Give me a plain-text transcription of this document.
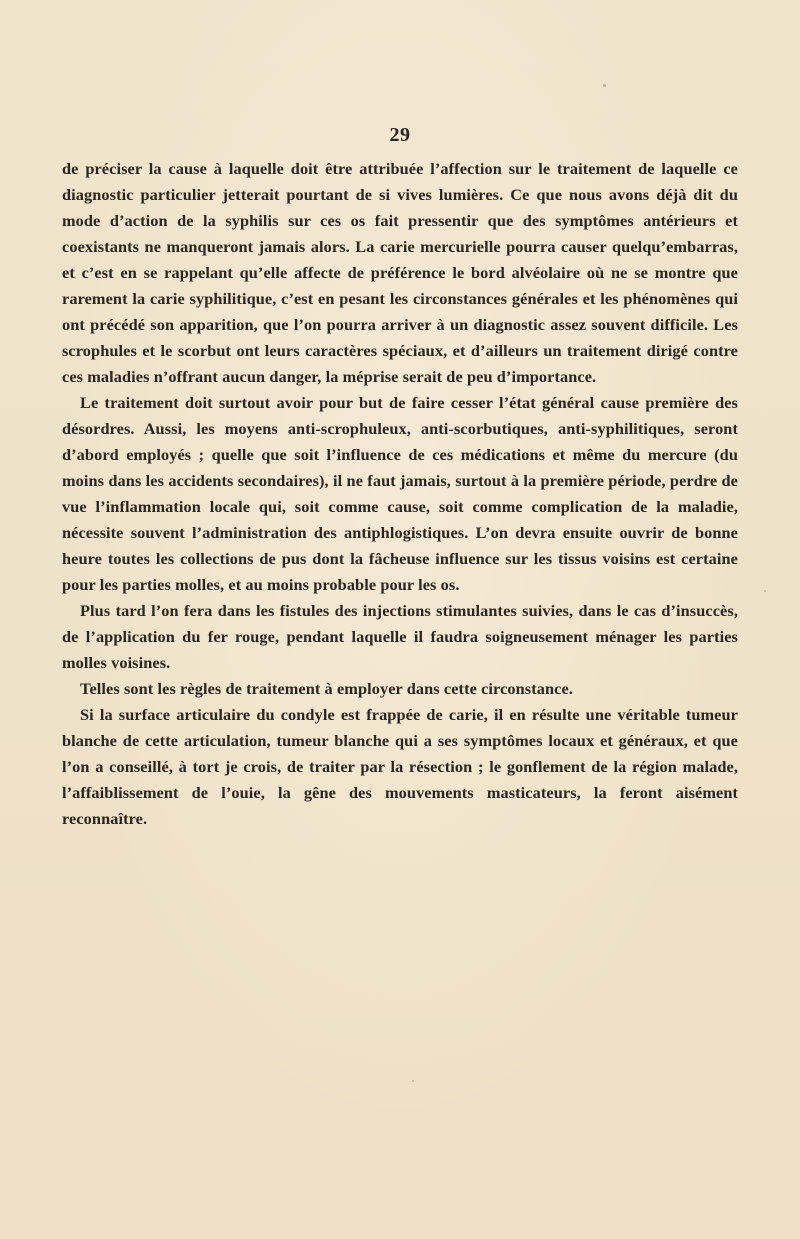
29

de préciser la cause à laquelle doit être attribuée l’affection sur le traitement de laquelle ce diagnostic particulier jetterait pourtant de si vives lumières. Ce que nous avons déjà dit du mode d’action de la syphilis sur ces os fait pressentir que des symptômes antérieurs et coexistants ne manqueront jamais alors. La carie mercurielle pourra causer quelqu’embarras, et c’est en se rappelant qu’elle affecte de préférence le bord alvéolaire où ne se montre que rarement la carie syphilitique, c’est en pesant les circonstances générales et les phénomènes qui ont précédé son apparition, que l’on pourra arriver à un diagnostic assez souvent difficile. Les scrophules et le scorbut ont leurs caractères spéciaux, et d’ailleurs un traitement dirigé contre ces maladies n’offrant aucun danger, la méprise serait de peu d’importance.

Le traitement doit surtout avoir pour but de faire cesser l’état général cause première des désordres. Aussi, les moyens anti-scrophuleux, anti-scorbutiques, anti-syphilitiques, seront d’abord employés ; quelle que soit l’influence de ces médications et même du mercure (du moins dans les accidents secondaires), il ne faut jamais, surtout à la première période, perdre de vue l’inflammation locale qui, soit comme cause, soit comme complication de la maladie, nécessite souvent l’administration des antiphlogistiques. L’on devra ensuite ouvrir de bonne heure toutes les collections de pus dont la fâcheuse influence sur les tissus voisins est certaine pour les parties molles, et au moins probable pour les os.

Plus tard l’on fera dans les fistules des injections stimulantes suivies, dans le cas d’insuccès, de l’application du fer rouge, pendant laquelle il faudra soigneusement ménager les parties molles voisines.

Telles sont les règles de traitement à employer dans cette circonstance.

Si la surface articulaire du condyle est frappée de carie, il en résulte une véritable tumeur blanche de cette articulation, tumeur blanche qui a ses symptômes locaux et généraux, et que l’on a conseillé, à tort je crois, de traiter par la résection ; le gonflement de la région malade, l’affaiblissement de l’ouie, la gêne des mouvements masticateurs, la feront aisément reconnaître.
